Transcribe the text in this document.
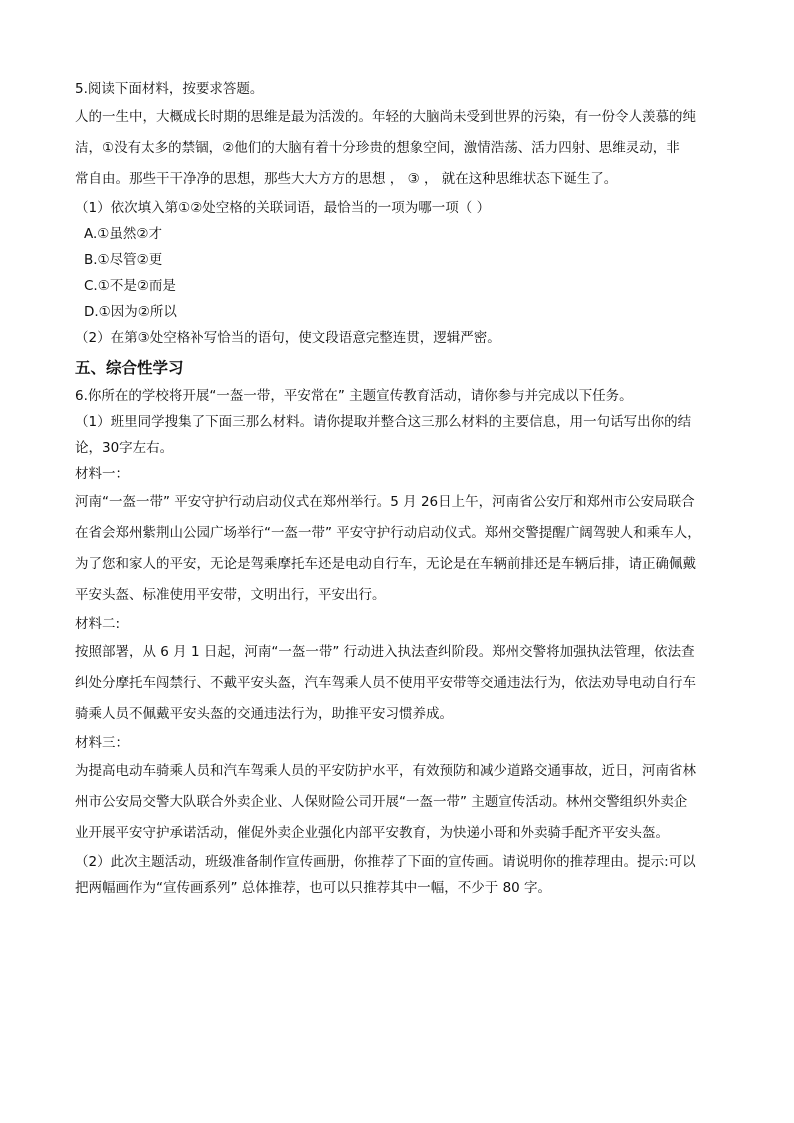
5.阅读下面材料，按要求答题。
人的一生中，大概成长时期的思维是最为活泼的。年轻的大脑尚未受到世界的污染，有一份令人羡慕的纯
洁，①没有太多的禁锢，②他们的大脑有着十分珍贵的想象空间，激情浩荡、活力四射、思维灵动，非
常自由。那些干干净净的思想，那些大大方方的思想 ， ③ ， 就在这种思维状态下诞生了。
（1）依次填入第①②处空格的关联词语，最恰当的一项为哪一项（ ）
A.①虽然②才
B.①尽管②更
C.①不是②而是
D.①因为②所以
（2）在第③处空格补写恰当的语句，使文段语意完整连贯，逻辑严密。
五、综合性学习
6.你所在的学校将开展“一盔一带，平安常在” 主题宣传教育活动，请你参与并完成以下任务。
（1）班里同学搜集了下面三那么材料。请你提取并整合这三那么材料的主要信息，用一句话写出你的结
论，30字左右。
材料一：
河南“一盔一带” 平安守护行动启动仪式在郑州举行。5 月 26日上午，河南省公安厅和郑州市公安局联合
在省会郑州紫荆山公园广场举行“一盔一带” 平安守护行动启动仪式。郑州交警提醒广阔驾驶人和乘车人，
为了您和家人的平安，无论是驾乘摩托车还是电动自行车，无论是在车辆前排还是车辆后排，请正确佩戴
平安头盔、标准使用平安带，文明出行，平安出行。
材料二:
按照部署，从 6 月 1 日起，河南“一盔一带” 行动进入执法查纠阶段。郑州交警将加强执法管理，依法查
纠处分摩托车闯禁行、不戴平安头盔，汽车驾乘人员不使用平安带等交通违法行为，依法劝导电动自行车
骑乘人员不佩戴平安头盔的交通违法行为，助推平安习惯养成。
材料三：
为提高电动车骑乘人员和汽车驾乘人员的平安防护水平，有效预防和减少道路交通事故，近日，河南省林
州市公安局交警大队联合外卖企业、人保财险公司开展“一盔一带” 主题宣传活动。林州交警组织外卖企
业开展平安守护承诺活动，催促外卖企业强化内部平安教育，为快递小哥和外卖骑手配齐平安头盔。
（2）此次主题活动，班级准备制作宣传画册，你推荐了下面的宣传画。请说明你的推荐理由。提示:可以
把两幅画作为“宣传画系列” 总体推荐，也可以只推荐其中一幅，不少于 80 字。
